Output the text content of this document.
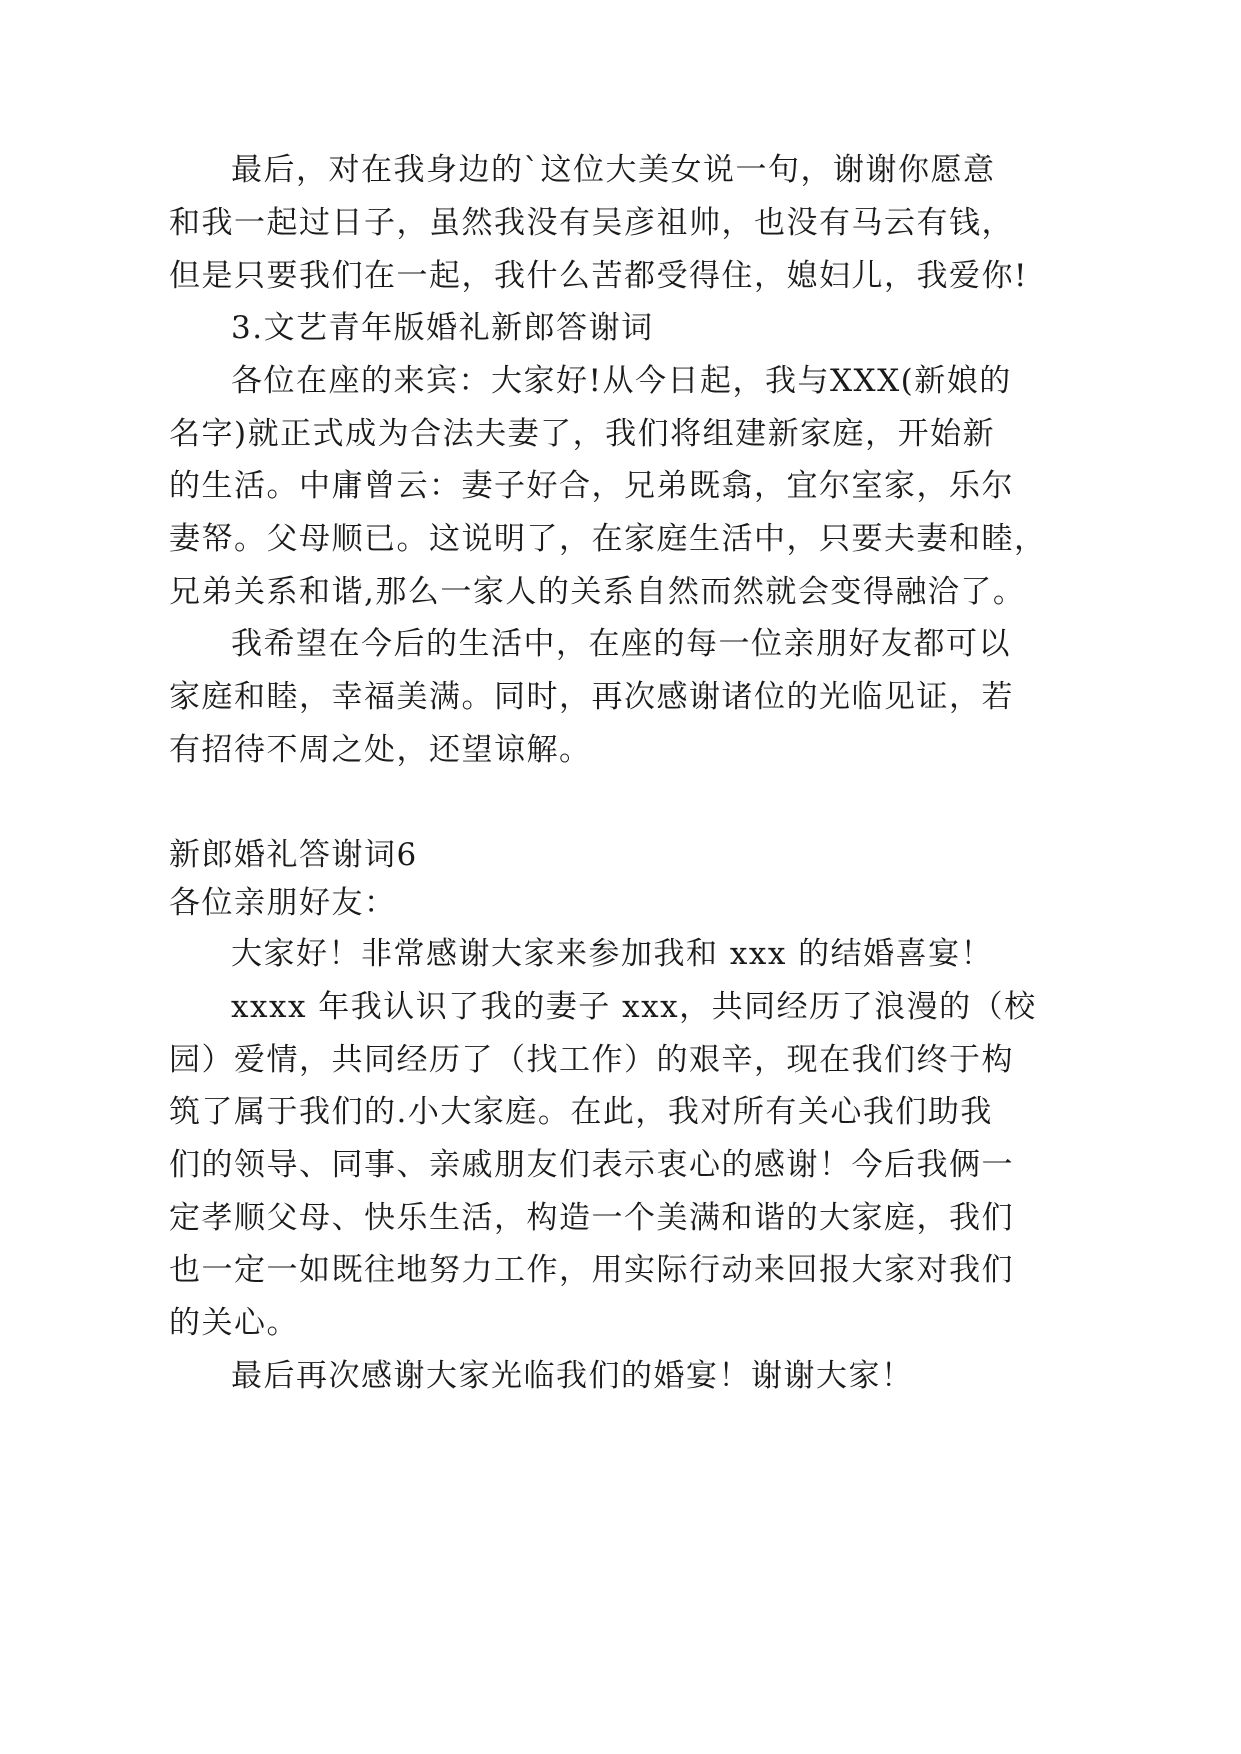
最后，对在我身边的`这位大美女说一句，谢谢你愿意
和我一起过日子，虽然我没有吴彦祖帅，也没有马云有钱，
但是只要我们在一起，我什么苦都受得住，媳妇儿，我爱你!
3.文艺青年版婚礼新郎答谢词
各位在座的来宾：大家好!从今日起，我与XXX(新娘的
名字)就正式成为合法夫妻了，我们将组建新家庭，开始新
的生活。中庸曾云：妻子好合，兄弟既翕，宜尔室家，乐尔
妻帑。父母顺已。这说明了，在家庭生活中，只要夫妻和睦，
兄弟关系和谐,那么一家人的关系自然而然就会变得融洽了。
我希望在今后的生活中，在座的每一位亲朋好友都可以
家庭和睦，幸福美满。同时，再次感谢诸位的光临见证，若
有招待不周之处，还望谅解。
新郎婚礼答谢词6
各位亲朋好友：
大家好！非常感谢大家来参加我和 xxx 的结婚喜宴！
xxxx 年我认识了我的妻子 xxx，共同经历了浪漫的（校
园）爱情，共同经历了（找工作）的艰辛，现在我们终于构
筑了属于我们的.小大家庭。在此，我对所有关心我们助我
们的领导、同事、亲戚朋友们表示衷心的感谢！今后我俩一
定孝顺父母、快乐生活，构造一个美满和谐的大家庭，我们
也一定一如既往地努力工作，用实际行动来回报大家对我们
的关心。
最后再次感谢大家光临我们的婚宴！谢谢大家！
